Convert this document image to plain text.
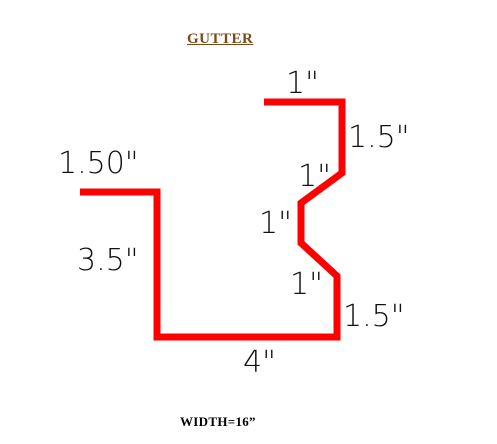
GUTTER
1"
1.5"
1"
1"
1"
1.5"
4"
3.5"
1.50"
WIDTH=16”
